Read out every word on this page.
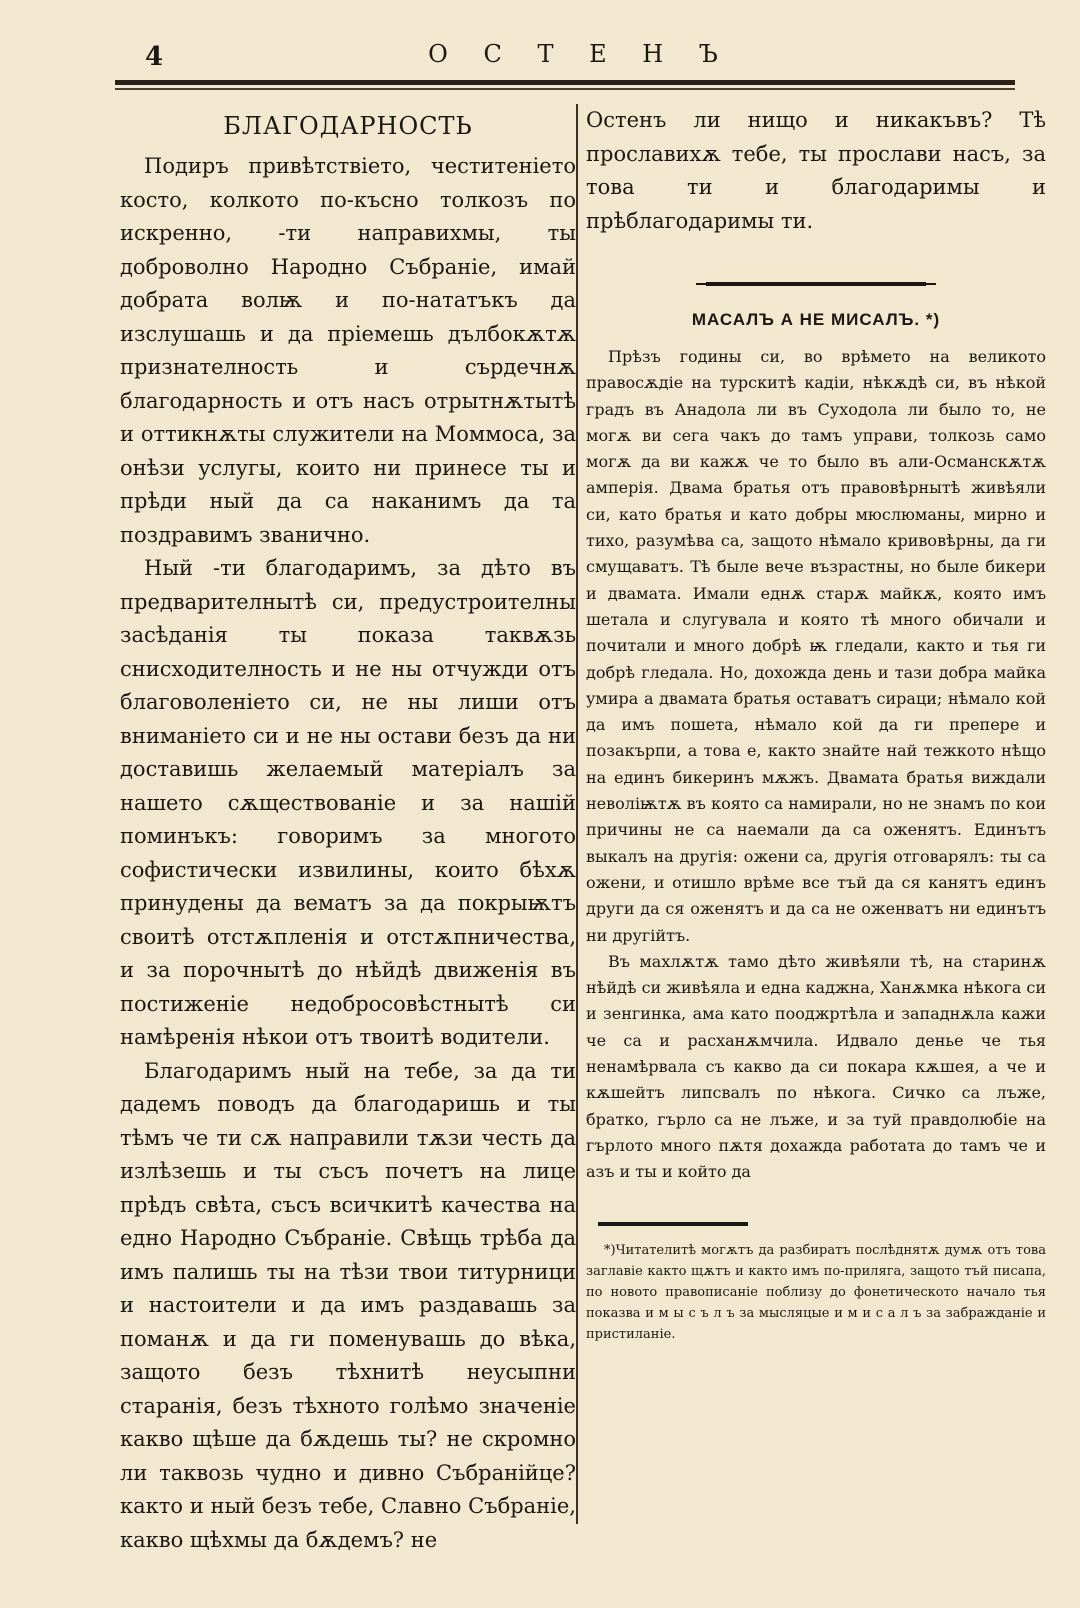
4	О С Т Е Н Ъ
БЛАГОДАРНОСТЬ

Подиръ привѣтствіето, честитеніето косто, колкото по-късно толкозъ по искренно, -ти направихмы, ты доброволно Народно Събраніе, имай добрата волѭ и по-нататъкъ да изслушашь и да пріемешь дълбокѫтѫ признателность и сърдечнѫ благодарность и отъ насъ отрытнѫтытѣ и оттикнѫты служители на Моммоса, за онѣзи услугы, които ни принесе ты и прѣди ный да са наканимъ да та поздравимъ званично.

Ный -ти благодаримъ, за дѣто въ предварителнытѣ си, предустроителны засѣданія ты показа таквѫзь снисходителность и не ны отчужди отъ благоволеніето си, не ны лиши отъ вниманіето си и не ны остави безъ да ни доставишь желаемый матеріалъ за нашето сѫществованіе и за нашій поминъкъ: говоримъ за многото софистически извилины, които бѣхѫ принудены да вематъ за да покрыѭтъ своитѣ отстѫпленія и отстѫпничества, и за порочнытѣ до нѣйдѣ движенія въ постиженіе недобросовѣстнытѣ си намѣренія нѣкои отъ твоитѣ водители.

Благодаримъ ный на тебе, за да ти дадемъ поводъ да благодаришь и ты тѣмъ че ти сѫ направили тѫзи честь да излѣзешь и ты съсъ почетъ на лице прѣдъ свѣта, съсъ всичкитѣ качества на едно Народно Събраніе. Свѣщь трѣба да имъ палишь ты на тѣзи твои титурници и настоители и да имъ раздавашь за поманѫ и да ги поменувашь до вѣка, защото безъ тѣхнитѣ неусыпни старанія, безъ тѣхното голѣмо значеніе какво щѣше да бѫдешь ты? не скромно ли таквозь чудно и дивно Събранійце? както и ный безъ тебе, Славно Събраніе, какво щѣхмы да бѫдемъ? не

Остенъ ли нищо и никакъвъ? Тѣ прославихѫ тебе, ты прослави насъ, за това ти и благодаримы и прѣблагодаримы ти.

МАСАЛЪ А НЕ МИСАЛЪ. *)

Прѣзъ годины си, во врѣмето на великото правосѫдіе на турскитѣ кадіи, нѣкѫдѣ си, въ нѣкой градъ въ Анадола ли въ Суходола ли было то, не могѫ ви сега чакъ до тамъ управи, толкозь само могѫ да ви кажѫ че то было въ али-Османскѫтѫ амперія. Двама братья отъ правовѣрнытѣ живѣяли си, като братья и като добры мюслюманы, мирно и тихо, разумѣва са, защото нѣмало кривовѣрны, да ги смущаватъ. Тѣ быле вече възрастны, но быле бикери и двамата. Имали еднѫ старѫ майкѫ, която имъ шетала и слугувала и която тѣ много обичали и почитали и много добрѣ ѭ гледали, както и тья ги добрѣ гледала. Но, дохожда день и тази добра майка умира а двамата братья оставатъ сираци; нѣмало кой да имъ пошета, нѣмало кой да ги препере и позакърпи, а това е, както знайте най тежкото нѣщо на единъ бикеринъ мѫжъ. Двамата братья виждали неволіѭтѫ въ която са намирали, но не знамъ по кои причины не са наемали да са оженятъ. Единътъ выкалъ на другія: ожени са, другія отговарялъ: ты са ожени, и отишло врѣме все тъй да ся канятъ единъ други да ся оженятъ и да са не оженватъ ни единътъ ни другійтъ.

Въ махлѫтѫ тамо дѣто живѣяли тѣ, на старинѫ нѣйдѣ си живѣяла и една каджна, Ханѫмка нѣкога си и зенгинка, ама като пооджртѣла и западнѫла кажи че са и расханѫмчила. Идвало деньe че тья ненамѣрвала съ какво да си покара кѫшея, а че и кѫшейтъ липсвалъ по нѣкога. Сичко са лъже, братко, гърло са не лъже, и за туй правдолюбіе на гърлото много пѫтя дохажда работата до тамъ че и азъ и ты и който да

*)Читателитѣ могѫтъ да разбиратъ послѣднятѫ думѫ отъ това заглавіе както щѫтъ и както имъ по-прилягa, защото тъй писапа, по новото правописаніе поблизу до фонетическото начало тья показва и м ы с ъ л ъ за мысляцые и м и с а л ъ за забражданіе и пристиланіе.
